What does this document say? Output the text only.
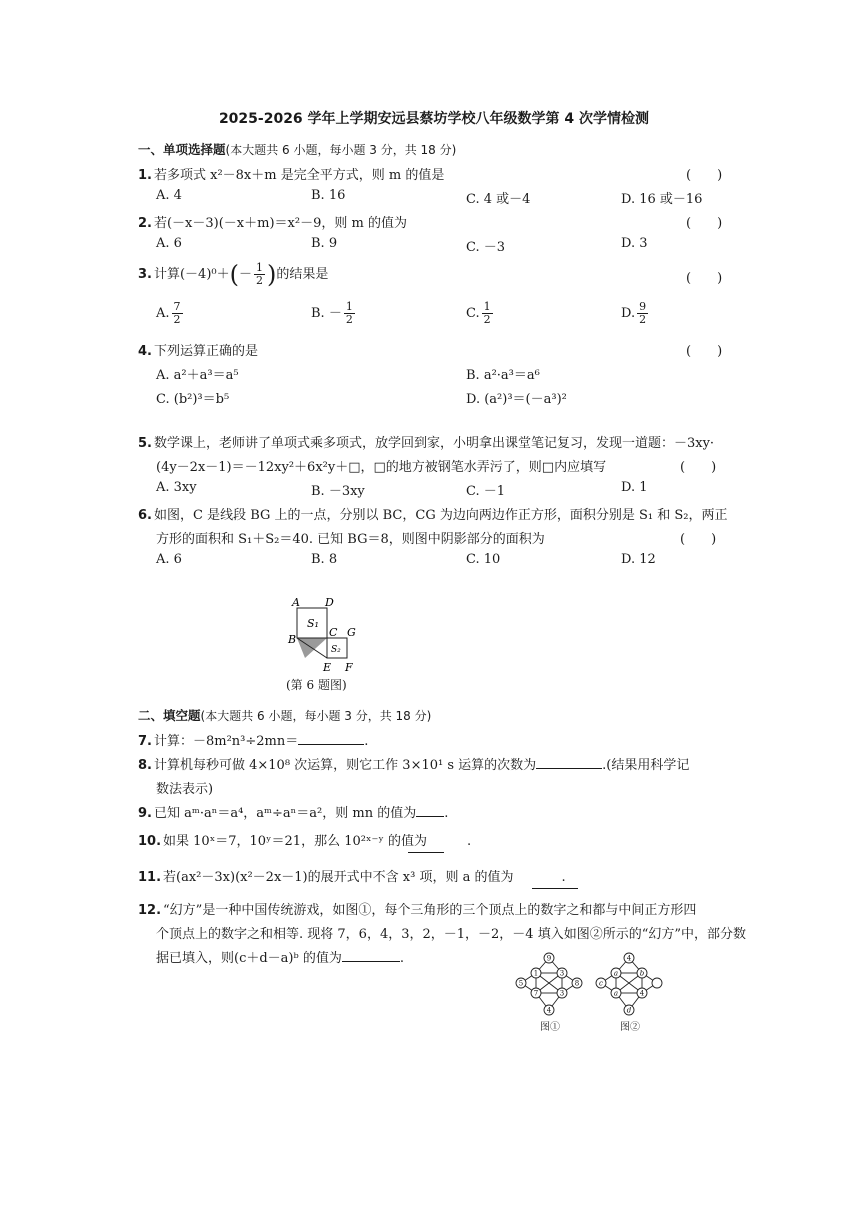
2025-2026 学年上学期安远县蔡坊学校八年级数学第 4 次学情检测
一、单项选择题(本大题共 6 小题，每小题 3 分，共 18 分)
1. 若多项式 x²－8x＋m 是完全平方式，则 m 的值是	(　　)
A. 4	B. 16	C. 4 或－4	D. 16 或－16
2. 若(－x－3)(－x＋m)＝x²－9，则 m 的值为	(　　)
A. 6	B. 9	C. －3	D. 3
3. 计算$(-4)^0+(- \frac{1}{2}$ )的结果是	(　　)
A. $\frac{7}{2}$	B. － $\frac{1}{2}$	C. $\frac{1}{2}$	D. $\frac{9}{2}$
4. 下列运算正确的是	(　　)
A. a²＋a³＝a⁵	B. a²·a³＝a⁶
C. (b²)³＝b⁵	D. (a²)³＝(－a³)²
5. 数学课上，老师讲了单项式乘多项式，放学回到家，小明拿出课堂笔记复习，发现一道题：－3xy·
(4y－2x－1)＝－12xy²＋6x²y＋□，□的地方被钢笔水弄污了，则□内应填写	(　　)
A. 3xy	B. －3xy	C. －1	D. 1
6. 如图，C 是线段 BG 上的一点，分别以 BC，CG 为边向两边作正方形，面积分别是 S₁ 和 S₂，两正
方形的面积和 S₁＋S₂＝40. 已知 BG＝8，则图中阴影部分的面积为	(　　)
A. 6	B. 8	C. 10	D. 12
A D
B
C G
E F
S₁
S₂
(第 6 题图)
二、填空题(本大题共 6 小题，每小题 3 分，共 18 分)
7. 计算：－8m²n³÷2mn＝	.
8. 计算机每秒可做 4×10⁸ 次运算，则它工作 3×10¹ s 运算的次数为	.(结果用科学记
数法表示)
9. 已知 aᵐ·aⁿ＝a⁴，aᵐ÷aⁿ＝a²，则 mn 的值为 .
10. 如果 10ˣ＝7，10ʸ＝21，那么 10²ˣ⁻ʸ 的值为	.
11. 若(ax²－3x)(x²－2x－1)的展开式中不含 x³ 项，则 a 的值为	.
12. “幻方”是一种中国传统游戏，如图①，每个三角形的三个顶点上的数字之和都与中间正方形四
个顶点上的数字之和相等. 现将 7，6，4，3，2，－1，－2，－4 填入如图②所示的“幻方”中，部分数
据已填入，则(c＋d－a)ᵇ 的值为	.	9
5	8
4
1	3
7	3
图①
4
c
d
a	b
a	4
图②
